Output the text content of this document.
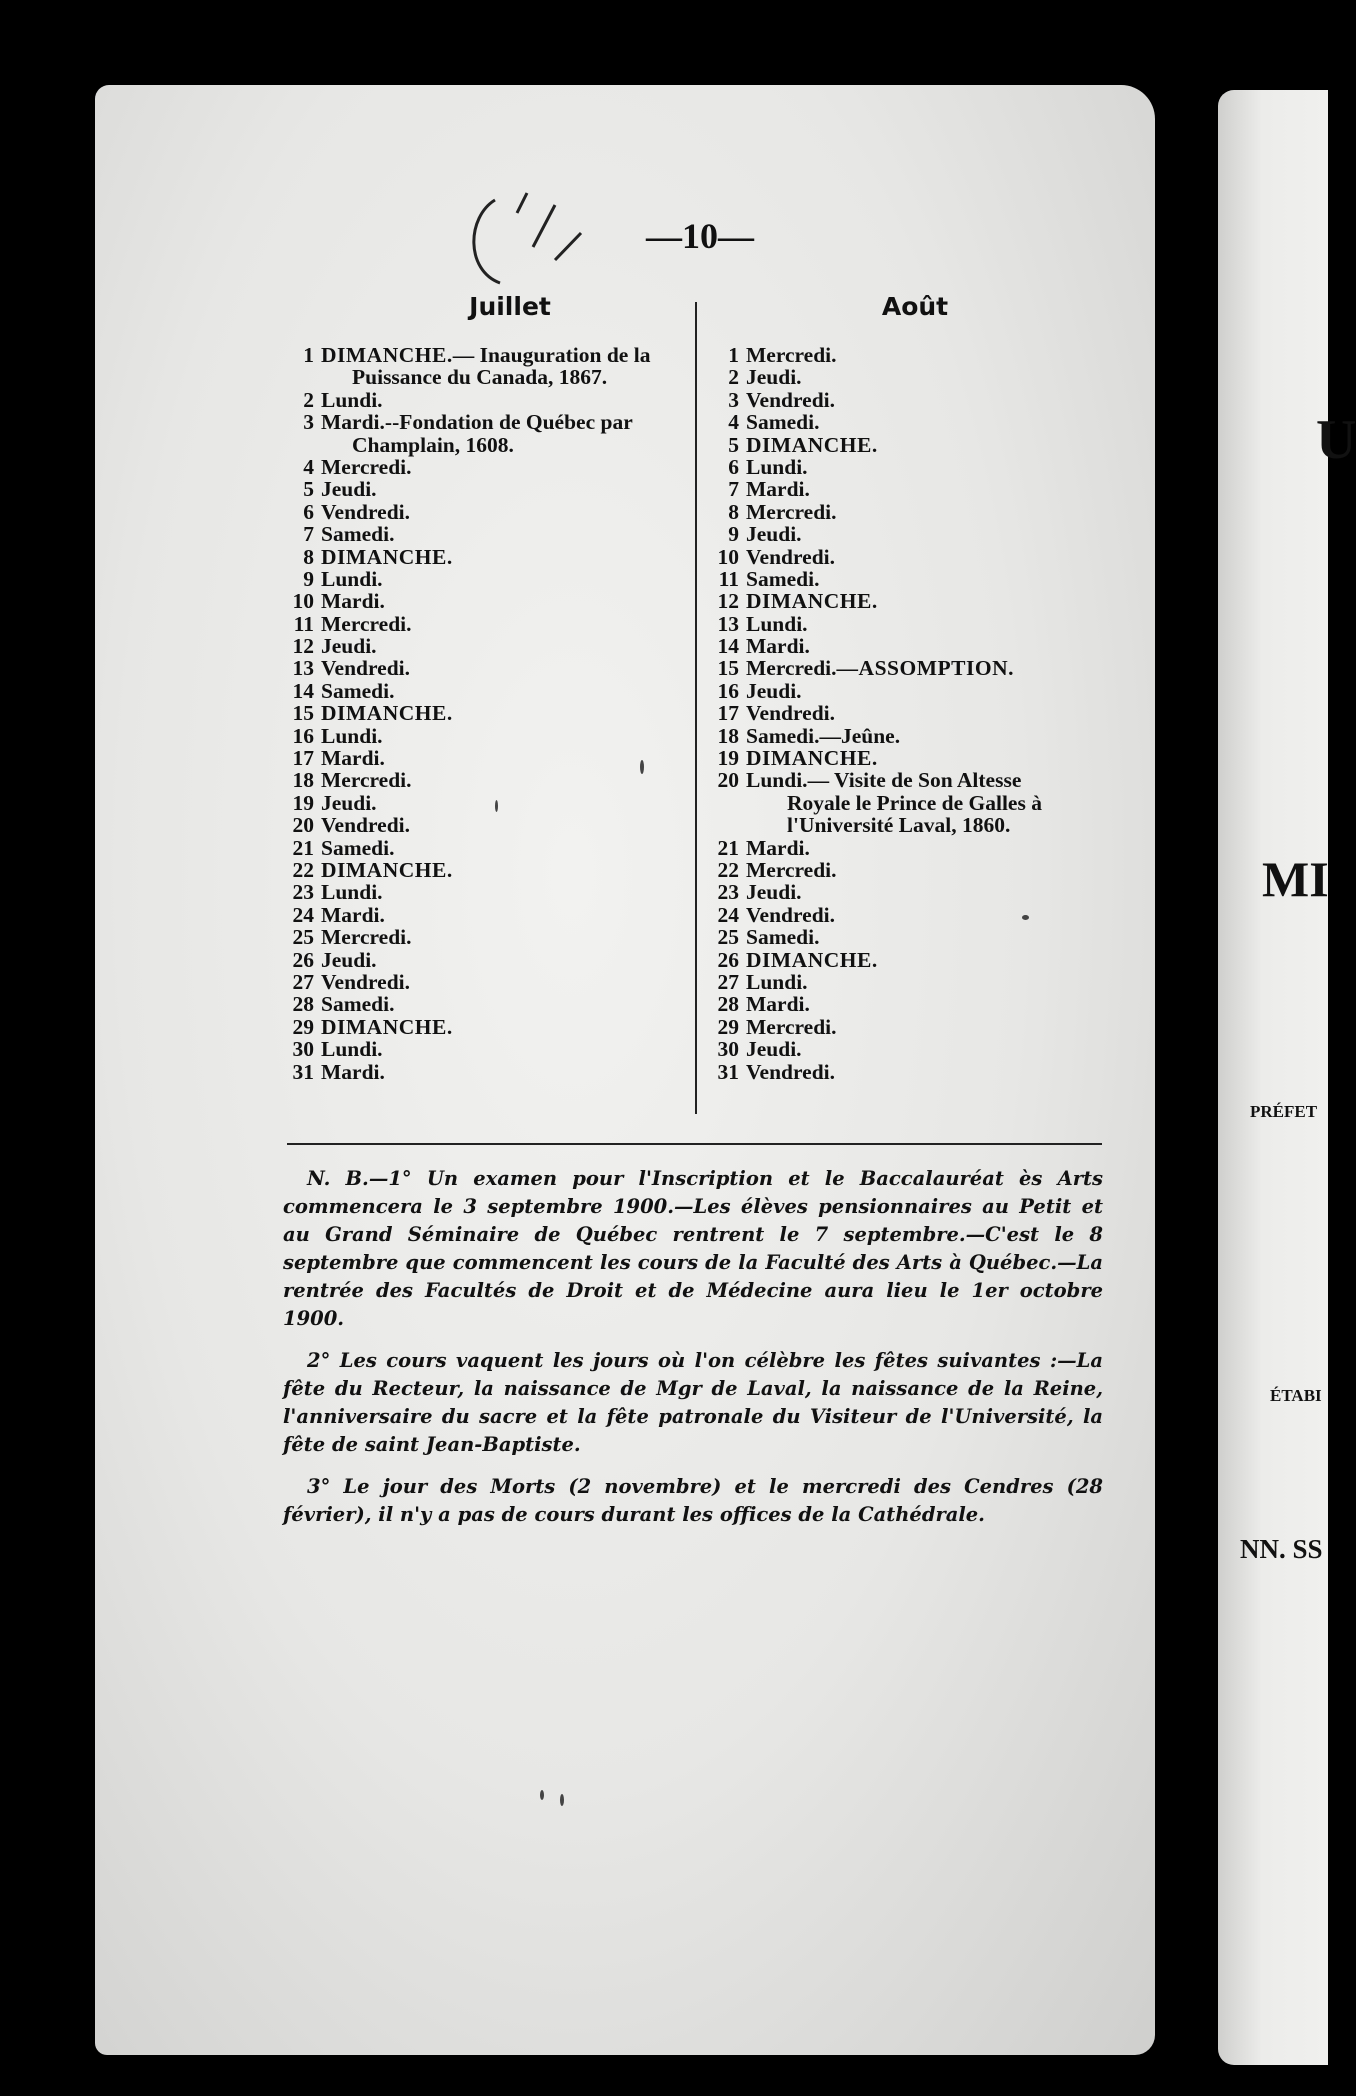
U
MI
PRÉFET
ÉTABI
NN. SS
—10—
Juillet	Août
1 DIMANCHE. — Inauguration de la
Puissance du Canada, 1867.
2 Lundi.
3 Mardi. --Fondation de Québec par
Champlain, 1608.
4 Mercredi.
5 Jeudi.
6 Vendredi.
7 Samedi.
8 DIMANCHE.
9 Lundi.
10 Mardi.
11 Mercredi.
12 Jeudi.
13 Vendredi.
14 Samedi.
15 DIMANCHE.
16 Lundi.
17 Mardi.
18 Mercredi.
19 Jeudi.
20 Vendredi.
21 Samedi.
22 DIMANCHE.
23 Lundi.
24 Mardi.
25 Mercredi.
26 Jeudi.
27 Vendredi.
28 Samedi.
29 DIMANCHE.
30 Lundi.
31 Mardi.
1 Mercredi.
2 Jeudi.
3 Vendredi.
4 Samedi.
5 DIMANCHE.
6 Lundi.
7 Mardi.
8 Mercredi.
9 Jeudi.
10 Vendredi.
11 Samedi.
12 DIMANCHE.
13 Lundi.
14 Mardi.
15 Mercredi. —ASSOMPTION.
16 Jeudi.
17 Vendredi.
18 Samedi. —Jeûne.
19 DIMANCHE.
20 Lundi. — Visite de Son Altesse
Royale le Prince de Galles à
l'Université Laval, 1860.
21 Mardi.
22 Mercredi.
23 Jeudi.
24 Vendredi.
25 Samedi.
26 DIMANCHE.
27 Lundi.
28 Mardi.
29 Mercredi.
30 Jeudi.
31 Vendredi.

N. B.—1° Un examen pour l'Inscription et le Baccalauréat ès Arts commencera le 3 septembre 1900.—Les élèves pensionnaires au Petit et au Grand Séminaire de Québec rentrent le 7 septembre.—C'est le 8 septembre que commencent les cours de la Faculté des Arts à Québec.—La rentrée des Facultés de Droit et de Médecine aura lieu le 1er octobre 1900.

2° Les cours vaquent les jours où l'on célèbre les fêtes suivantes :—La fête du Recteur, la naissance de Mgr de Laval, la naissance de la Reine, l'anniversaire du sacre et la fête patronale du Visiteur de l'Université, la fête de saint Jean-Baptiste.

3° Le jour des Morts (2 novembre) et le mercredi des Cendres (28 février), il n'y a pas de cours durant les offices de la Cathédrale.
